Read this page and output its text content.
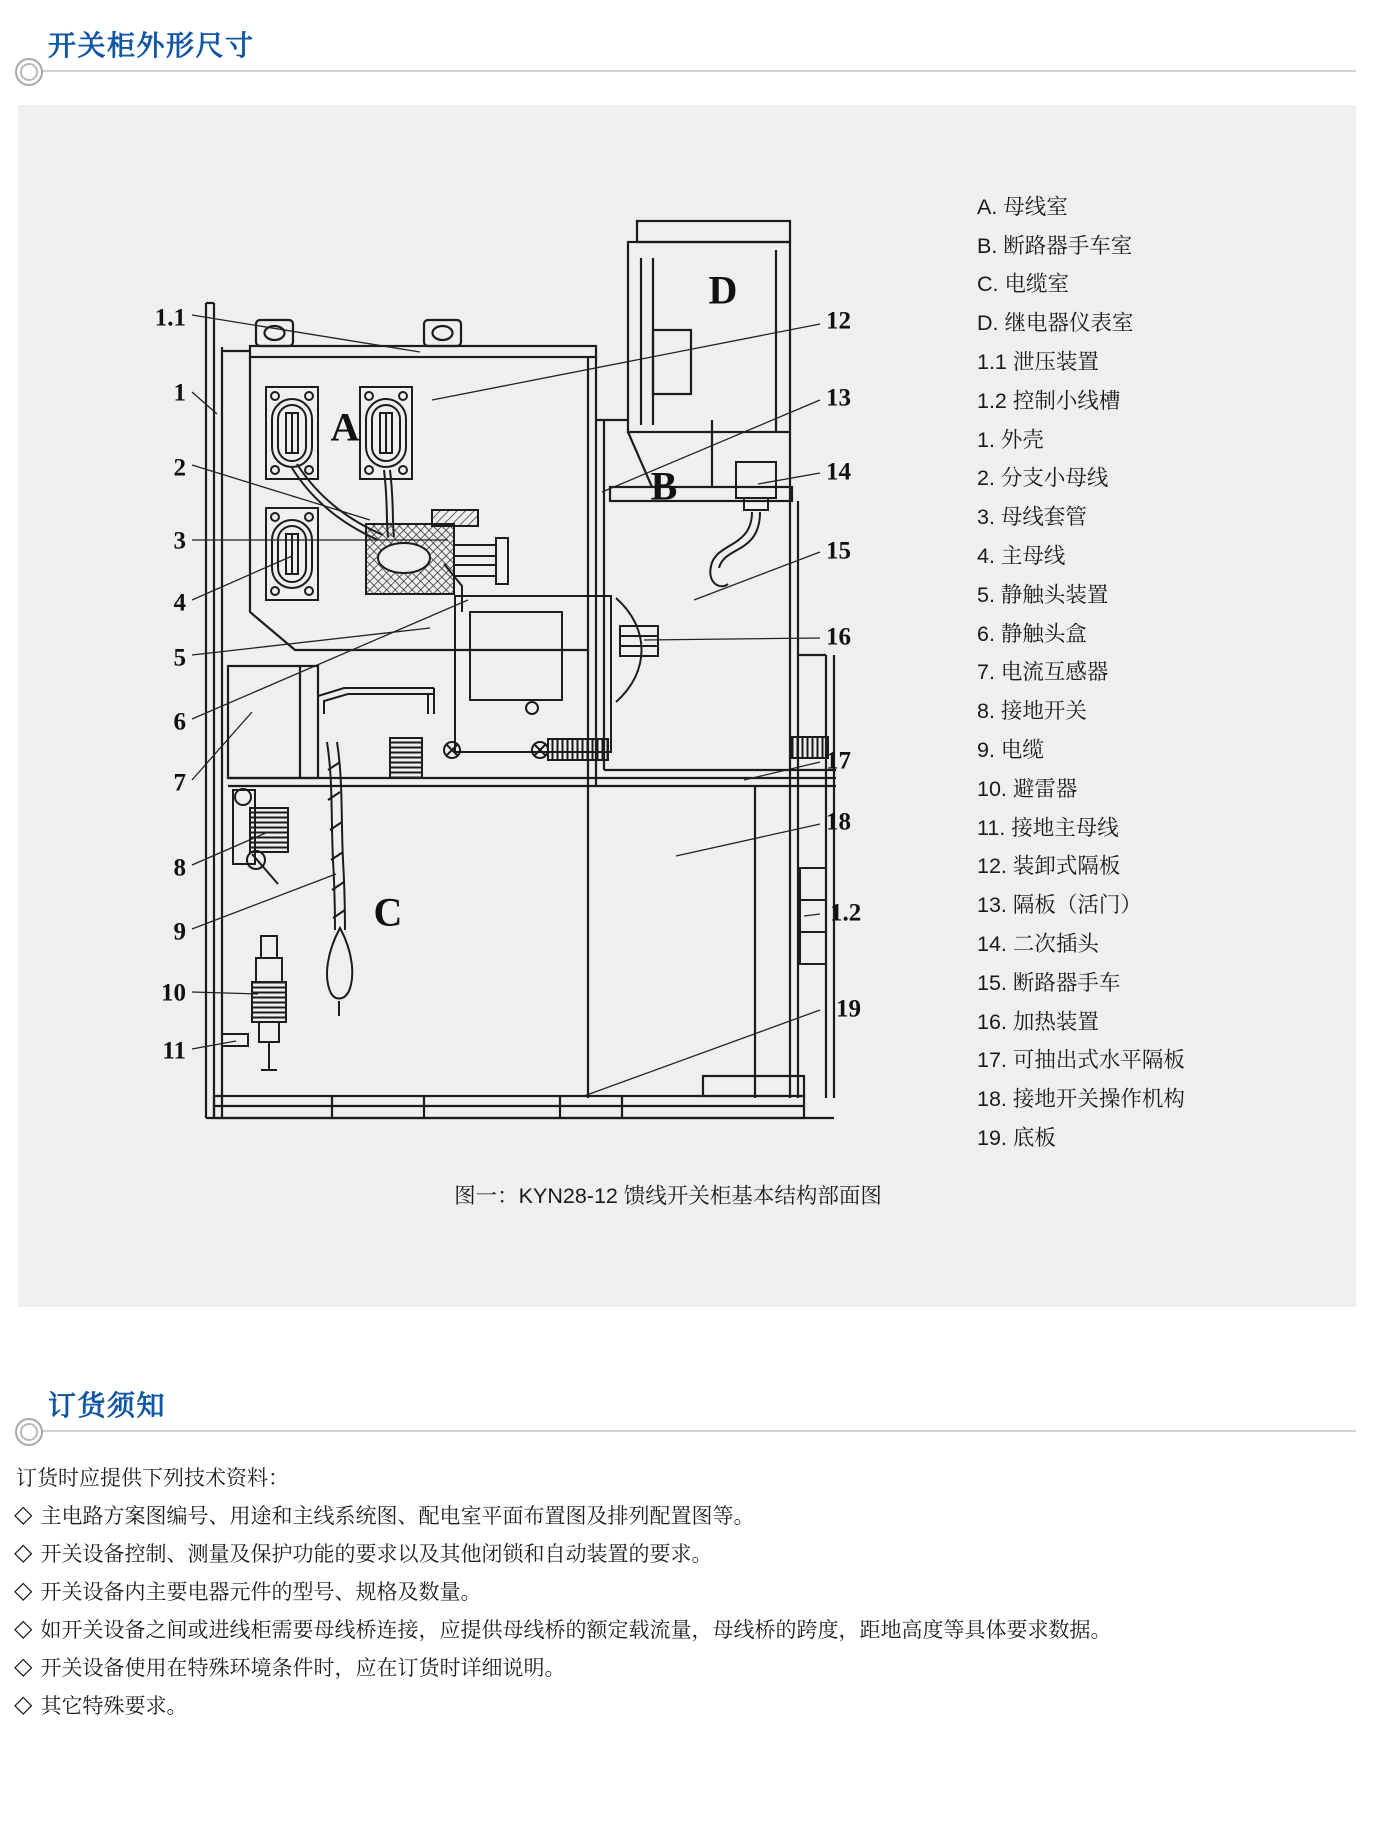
开关柜外形尺寸
A
B
C
D
1.1
1
2
3
4
5
6
7
8
9
10
11
12
13
14
15
16
17
18
1.2
19
A. 母线室
B. 断路器手车室
C. 电缆室
D. 继电器仪表室
1.1 泄压装置
1.2 控制小线槽
1. 外壳
2. 分支小母线
3. 母线套管
4. 主母线
5. 静触头装置
6. 静触头盒
7. 电流互感器
8. 接地开关
9. 电缆
10. 避雷器
11. 接地主母线
12. 装卸式隔板
13. 隔板（活门）
14. 二次插头
15. 断路器手车
16. 加热装置
17. 可抽出式水平隔板
18. 接地开关操作机构
19. 底板
图一：KYN28-12 馈线开关柜基本结构部面图
订货须知
订货时应提供下列技术资料：
◇ 主电路方案图编号、用途和主线系统图、配电室平面布置图及排列配置图等。
◇ 开关设备控制、测量及保护功能的要求以及其他闭锁和自动装置的要求。
◇ 开关设备内主要电器元件的型号、规格及数量。
◇ 如开关设备之间或进线柜需要母线桥连接，应提供母线桥的额定载流量，母线桥的跨度，距地高度等具体要求数据。
◇ 开关设备使用在特殊环境条件时，应在订货时详细说明。
◇ 其它特殊要求。
